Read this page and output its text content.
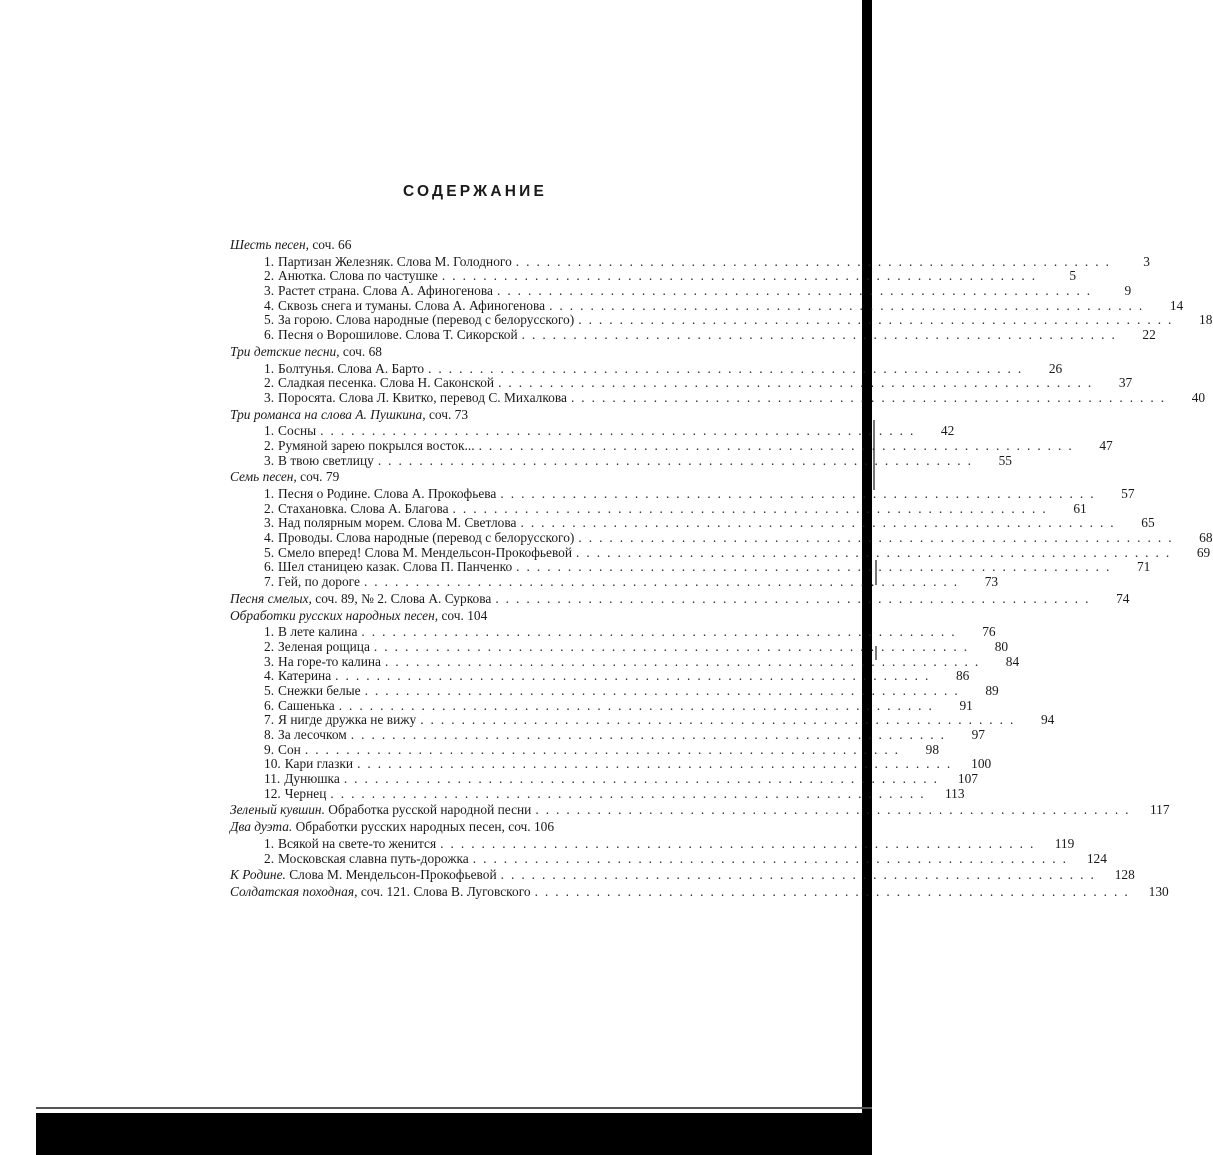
СОДЕРЖАНИЕ
Шесть песен,
соч. 66
1. Партизан Железняк. Слова М. Голодного ..........................................................	3
2. Анютка. Слова по частушке ..........................................................	5
3. Растет страна. Слова А. Афиногенова ..........................................................	9
4. Сквозь снега и туманы. Слова А. Афиногенова ..........................................................	14
5. За горою. Слова народные (перевод с белорусского) ..........................................................	18
6. Песня о Ворошилове. Слова Т. Сикорской ..........................................................	22
Три детские песни,
соч. 68
1. Болтунья. Слова А. Барто ..........................................................	26
2. Сладкая песенка. Слова Н. Саконской ..........................................................	37
3. Поросята. Слова Л. Квитко, перевод С. Михалкова ..........................................................	40
Три романса на слова А. Пушкина,
соч. 73
1. Сосны ..........................................................	42
2. Румяной зарею покрылся восток... ..........................................................	47
3. В твою светлицу ..........................................................	55
Семь песен,
соч. 79
1. Песня о Родине. Слова А. Прокофьева ..........................................................	57
2. Стахановка. Слова А. Благова ..........................................................	61
3. Над полярным морем. Слова М. Светлова ..........................................................	65
4. Проводы. Слова народные (перевод с белорусского) ..........................................................	68
5. Смело вперед! Слова М. Мендельсон-Прокофьевой ..........................................................	69
6. Шел станицею казак. Слова П. Панченко ..........................................................	71
7. Гей, по дороге ..........................................................	73
Песня смелых,
соч. 89, № 2. Слова А. Суркова ..........................................................	74
Обработки русских народных песен,
соч. 104
1. В лете калина ..........................................................	76
2. Зеленая рощица ..........................................................	80
3. На горе-то калина ..........................................................	84
4. Катерина ..........................................................	86
5. Снежки белые ..........................................................	89
6. Сашенька ..........................................................	91
7. Я нигде дружка не вижу ..........................................................	94
8. За лесочком ..........................................................	97
9. Сон ..........................................................	98
10. Кари глазки ..........................................................	100
11. Дунюшка ..........................................................	107
12. Чернец ..........................................................	113
Зеленый кувшин.
Обработка русской народной песни ..........................................................	117
Два дуэта.
Обработки русских народных песен, соч. 106
1. Всякой на свете-то женится ..........................................................	119
2. Московская славна путь-дорожка ..........................................................	124
К Родине.
Слова М. Мендельсон-Прокофьевой ..........................................................	128
Солдатская походная,
соч. 121. Слова В. Луговского ..........................................................	130
